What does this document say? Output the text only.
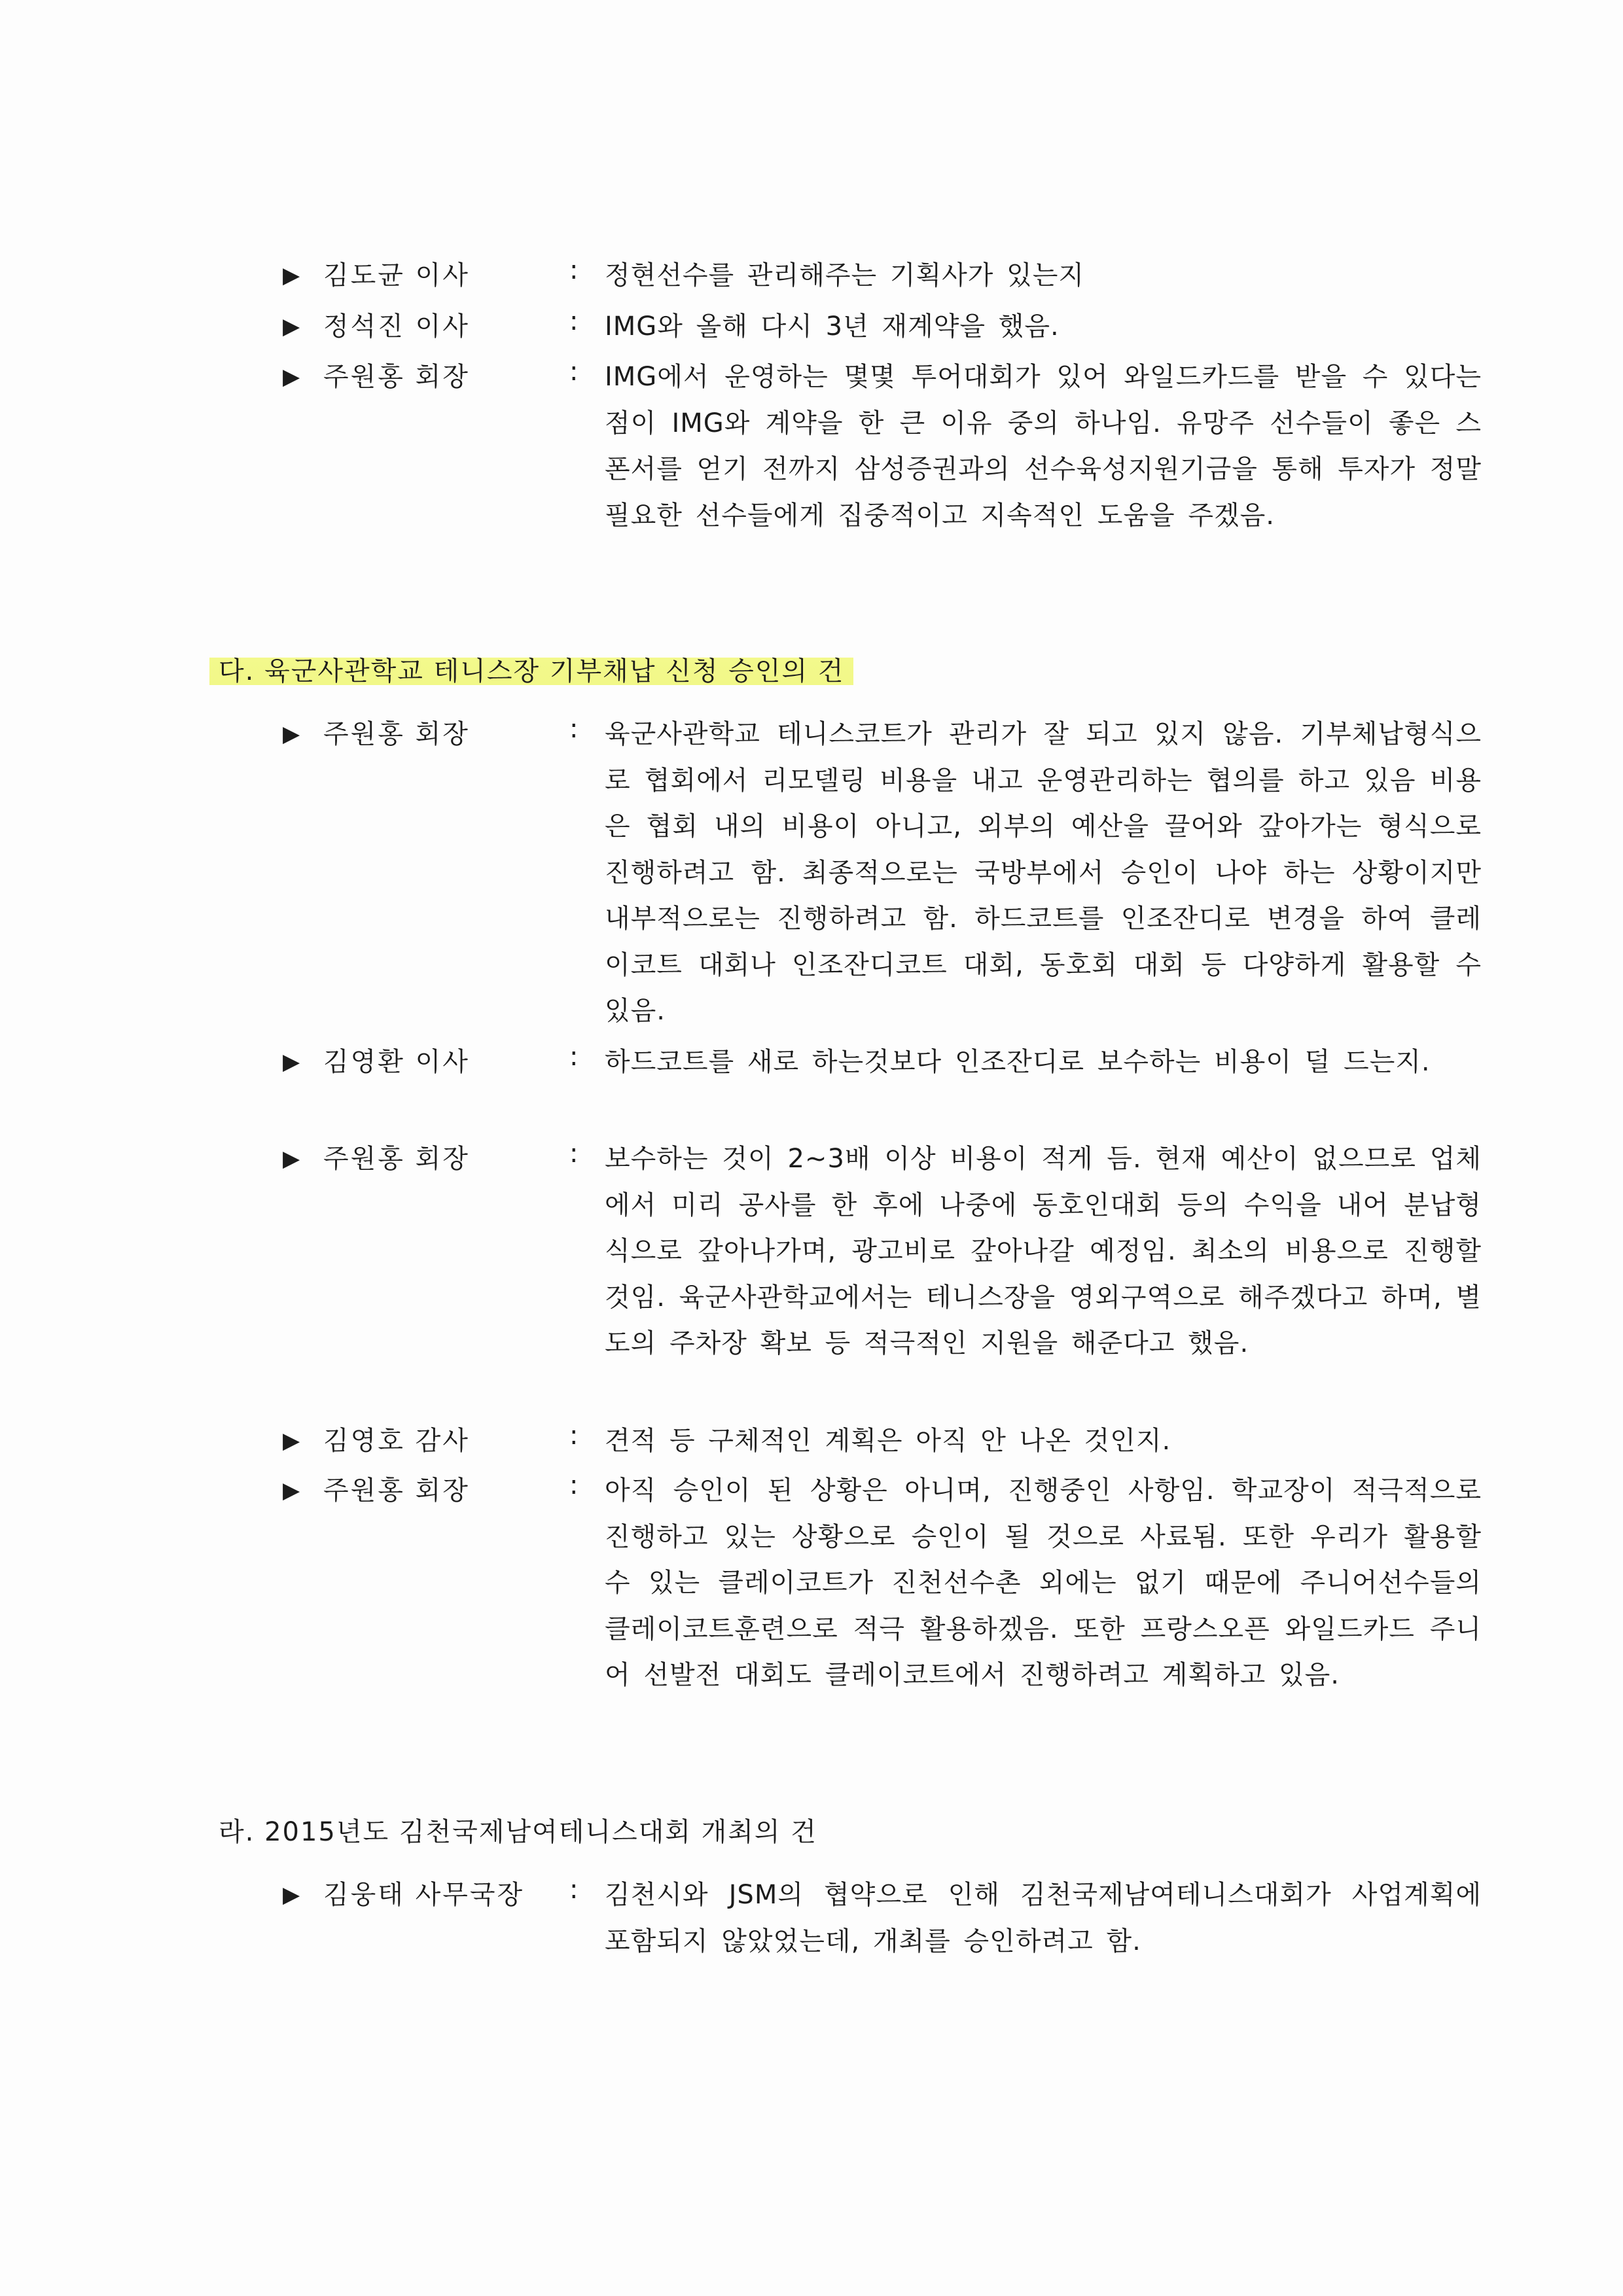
▶ 김도균 이사	: 정현선수를 관리해주는 기획사가 있는지
▶ 정석진 이사	: IMG와 올해 다시 3년 재계약을 했음.
▶ 주원홍 회장	: IMG에서 운영하는 몇몇 투어대회가 있어 와일드카드를 받을 수 있다는 점이 IMG와 계약을 한 큰 이유 중의 하나임. 유망주 선수들이 좋은 스폰서를 얻기 전까지 삼성증권과의 선수육성지원기금을 통해 투자가 정말 필요한 선수들에게 집중적이고 지속적인 도움을 주겠음.
다. 육군사관학교 테니스장 기부채납 신청 승인의 건
▶ 주원홍 회장	: 육군사관학교 테니스코트가 관리가 잘 되고 있지 않음. 기부체납형식으로 협회에서 리모델링 비용을 내고 운영관리하는 협의를 하고 있음 비용은 협회 내의 비용이 아니고, 외부의 예산을 끌어와 갚아가는 형식으로 진행하려고 함. 최종적으로는 국방부에서 승인이 나야 하는 상황이지만 내부적으로는 진행하려고 함. 하드코트를 인조잔디로 변경을 하여 클레이코트 대회나 인조잔디코트 대회, 동호회 대회 등 다양하게 활용할 수 있음.
▶ 김영환 이사	: 하드코트를 새로 하는것보다 인조잔디로 보수하는 비용이 덜 드는지.
▶ 주원홍 회장	: 보수하는 것이 2~3배 이상 비용이 적게 듬. 현재 예산이 없으므로 업체에서 미리 공사를 한 후에 나중에 동호인대회 등의 수익을 내어 분납형식으로 갚아나가며, 광고비로 갚아나갈 예정임. 최소의 비용으로 진행할 것임. 육군사관학교에서는 테니스장을 영외구역으로 해주겠다고 하며, 별도의 주차장 확보 등 적극적인 지원을 해준다고 했음.
▶ 김영호 감사	: 견적 등 구체적인 계획은 아직 안 나온 것인지.
▶ 주원홍 회장	: 아직 승인이 된 상황은 아니며, 진행중인 사항임. 학교장이 적극적으로 진행하고 있는 상황으로 승인이 될 것으로 사료됨. 또한 우리가 활용할 수 있는 클레이코트가 진천선수촌 외에는 없기 때문에 주니어선수들의 클레이코트훈련으로 적극 활용하겠음. 또한 프랑스오픈 와일드카드 주니어 선발전 대회도 클레이코트에서 진행하려고 계획하고 있음.
라. 2015년도 김천국제남여테니스대회 개최의 건
▶ 김웅태 사무국장 : 김천시와 JSM의 협약으로 인해 김천국제남여테니스대회가 사업계획에 포함되지 않았었는데, 개최를 승인하려고 함.
